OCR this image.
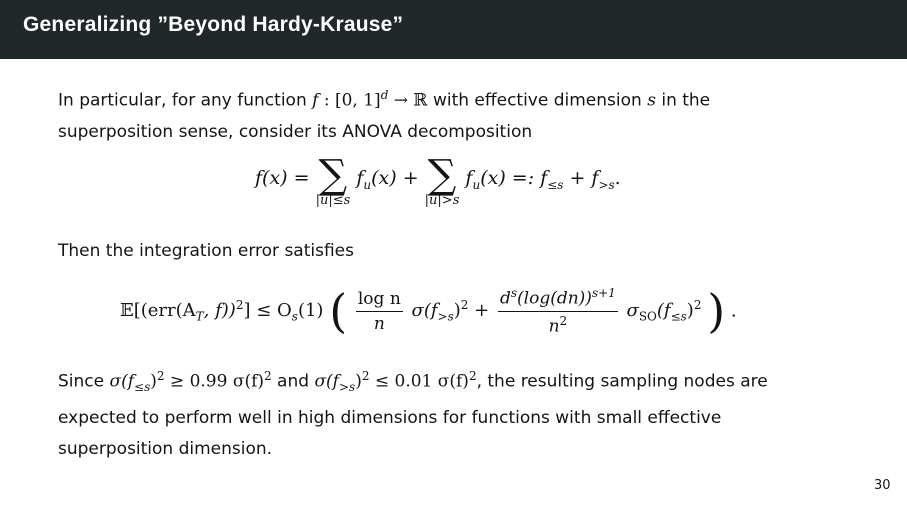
Generalizing ”Beyond Hardy-Krause”
In particular, for any function f : [0, 1]$^d$ → ℝ with effective dimension s in the
superposition sense, consider its ANOVA decomposition
f(x) = ∑
|u|≤s
$f_u(x)$ + ∑
|u|>s
$f_u(x)$ =: $f_{\le s} + f_{>s}$.
Then the integration error satisfies
$𝔼[(err(A_T$, $f))^2] \le O_s(1)$ ( $\frac{\text{log n}}{n} \sigma(f_{>s})^2 + \frac{d^s(\log(dn))^{s+1}}{n^2} \sigma_{SO}(f_{\le s})^2$ ) .
Since $\sigma(f_{\le s})^2 \ge 0.99$ $\sigma(f)^2$ and $\sigma(f_{>s})^2 \le 0.01$ $\sigma(f)^2$, the resulting sampling nodes are
expected to perform well in high dimensions for functions with small effective
superposition dimension.
30
